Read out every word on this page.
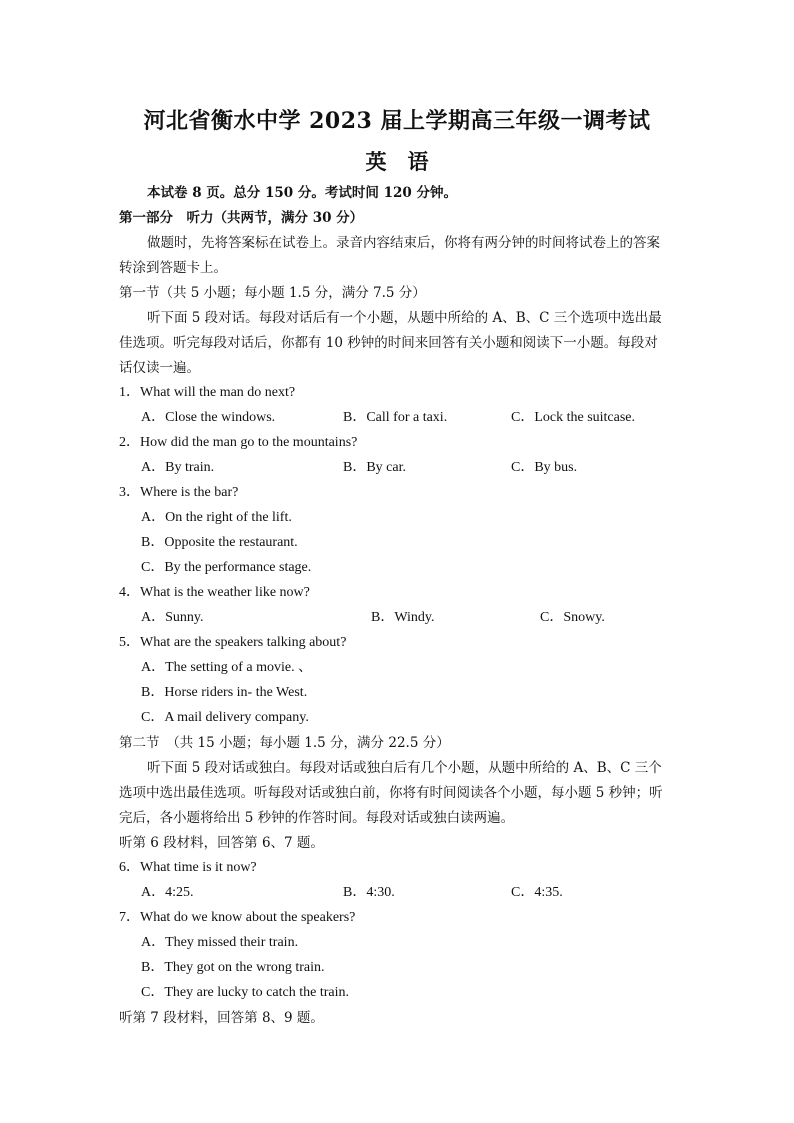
河北省衡水中学 2023 届上学期高三年级一调考试
英　语
本试卷 8 页。总分 150 分。考试时间 120 分钟。
第一部分　听力（共两节，满分 30 分）
做题时，先将答案标在试卷上。录音内容结束后，你将有两分钟的时间将试卷上的答案
转涂到答题卡上。
第一节（共 5 小题；每小题 1.5 分，满分 7.5 分）
听下面 5 段对话。每段对话后有一个小题，从题中所给的 A、B、C 三个选项中选出最
佳选项。听完每段对话后，你都有 10 秒钟的时间来回答有关小题和阅读下一小题。每段对
话仅读一遍。
1．What will the man do next?
A．Close the windows.	B．Call for a taxi.	C．Lock the suitcase.
2．How did the man go to the mountains?
A．By train.	B．By car.	C．By bus.
3．Where is the bar?
A．On the right of the lift.
B．Opposite the restaurant.
C．By the performance stage.
4．What is the weather like now?
A．Sunny.	B．Windy.	C．Snowy.
5．What are the speakers talking about?
A．The setting of a movie. 、
B．Horse riders in- the West.
C．A mail delivery company.
第二节　（共 15 小题；每小题 1.5 分，满分 22.5 分）
听下面 5 段对话或独白。每段对话或独白后有几个小题，从题中所给的 A、B、C 三个
选项中选出最佳选项。听每段对话或独白前，你将有时间阅读各个小题，每小题 5 秒钟；听
完后，各小题将给出 5 秒钟的作答时间。每段对话或独白读两遍。
听第 6 段材料，回答第 6、7 题。
6．What time is it now?
A．4:25.	B．4:30.	C．4:35.
7．What do we know about the speakers?
A．They missed their train.
B．They got on the wrong train.
C．They are lucky to catch the train.
听第 7 段材料，回答第 8、9 题。
